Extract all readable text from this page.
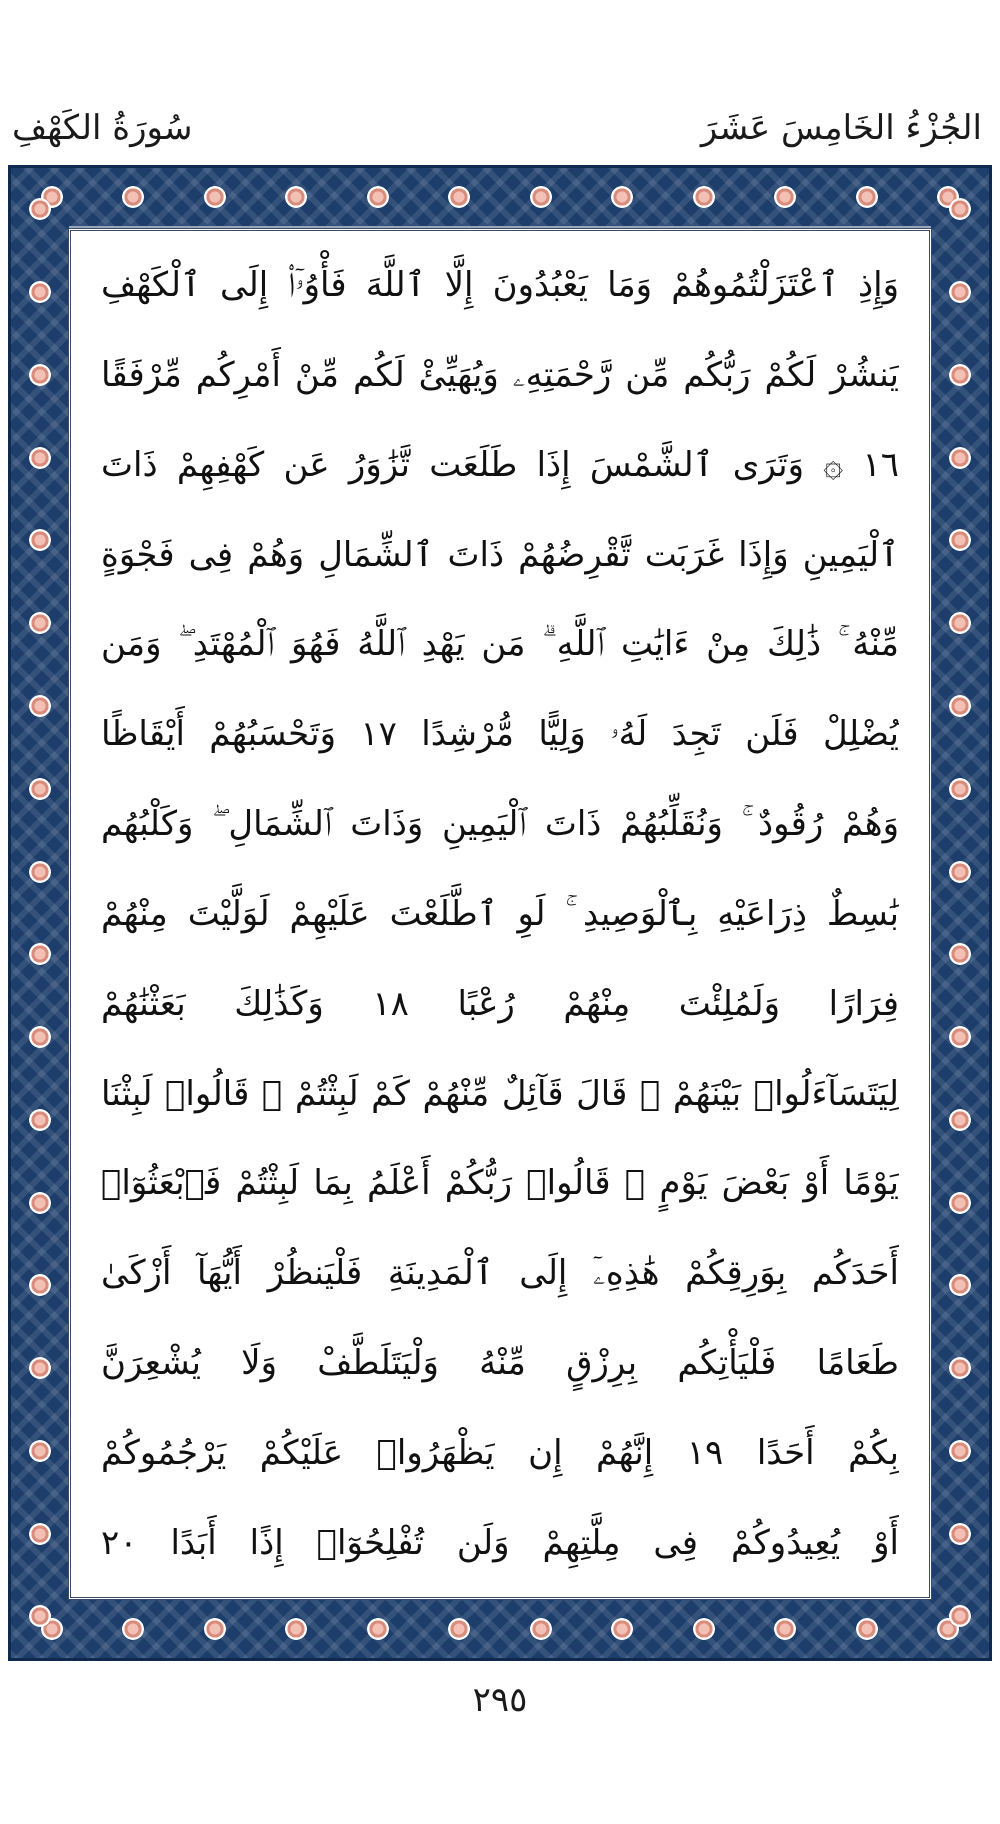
سُورَةُ الكَهْفِ	الجُزْءُ الخَامِسَ عَشَرَ
وَإِذِ ٱعْتَزَلْتُمُوهُمْ وَمَا يَعْبُدُونَ إِلَّا ٱللَّهَ فَأْوُۥٓا۟ إِلَى ٱلْكَهْفِ
يَنشُرْ لَكُمْ رَبُّكُم مِّن رَّحْمَتِهِۦ وَيُهَيِّئْ لَكُم مِّنْ أَمْرِكُم مِّرْفَقًا
١٦ ۞ وَتَرَى ٱلشَّمْسَ إِذَا طَلَعَت تَّزَٰوَرُ عَن كَهْفِهِمْ ذَاتَ
ٱلْيَمِينِ وَإِذَا غَرَبَت تَّقْرِضُهُمْ ذَاتَ ٱلشِّمَالِ وَهُمْ فِى فَجْوَةٍ
مِّنْهُ ۚ ذَٰلِكَ مِنْ ءَايَٰتِ ٱللَّهِ ۗ مَن يَهْدِ ٱللَّهُ فَهُوَ ٱلْمُهْتَدِ ۖ وَمَن
يُضْلِلْ فَلَن تَجِدَ لَهُۥ وَلِيًّا مُّرْشِدًا ١٧ وَتَحْسَبُهُمْ أَيْقَاظًا
وَهُمْ رُقُودٌ ۚ وَنُقَلِّبُهُمْ ذَاتَ ٱلْيَمِينِ وَذَاتَ ٱلشِّمَالِ ۖ وَكَلْبُهُم
بَٰسِطٌ ذِرَاعَيْهِ بِٱلْوَصِيدِ ۚ لَوِ ٱطَّلَعْتَ عَلَيْهِمْ لَوَلَّيْتَ مِنْهُمْ
فِرَارًا وَلَمُلِئْتَ مِنْهُمْ رُعْبًا ١٨ وَكَذَٰلِكَ بَعَثْنَٰهُمْ
لِيَتَسَآءَلُوا۟ بَيْنَهُمْ ۚ قَالَ قَآئِلٌ مِّنْهُمْ كَمْ لَبِثْتُمْ ۖ قَالُوا۟ لَبِثْنَا
يَوْمًا أَوْ بَعْضَ يَوْمٍ ۚ قَالُوا۟ رَبُّكُمْ أَعْلَمُ بِمَا لَبِثْتُمْ فَٱبْعَثُوٓا۟
أَحَدَكُم بِوَرِقِكُمْ هَٰذِهِۦٓ إِلَى ٱلْمَدِينَةِ فَلْيَنظُرْ أَيُّهَآ أَزْكَىٰ
طَعَامًا فَلْيَأْتِكُم بِرِزْقٍ مِّنْهُ وَلْيَتَلَطَّفْ وَلَا يُشْعِرَنَّ
بِكُمْ أَحَدًا ١٩ إِنَّهُمْ إِن يَظْهَرُوا۟ عَلَيْكُمْ يَرْجُمُوكُمْ
أَوْ يُعِيدُوكُمْ فِى مِلَّتِهِمْ وَلَن تُفْلِحُوٓا۟ إِذًا أَبَدًا ٢٠
٢٩٥
